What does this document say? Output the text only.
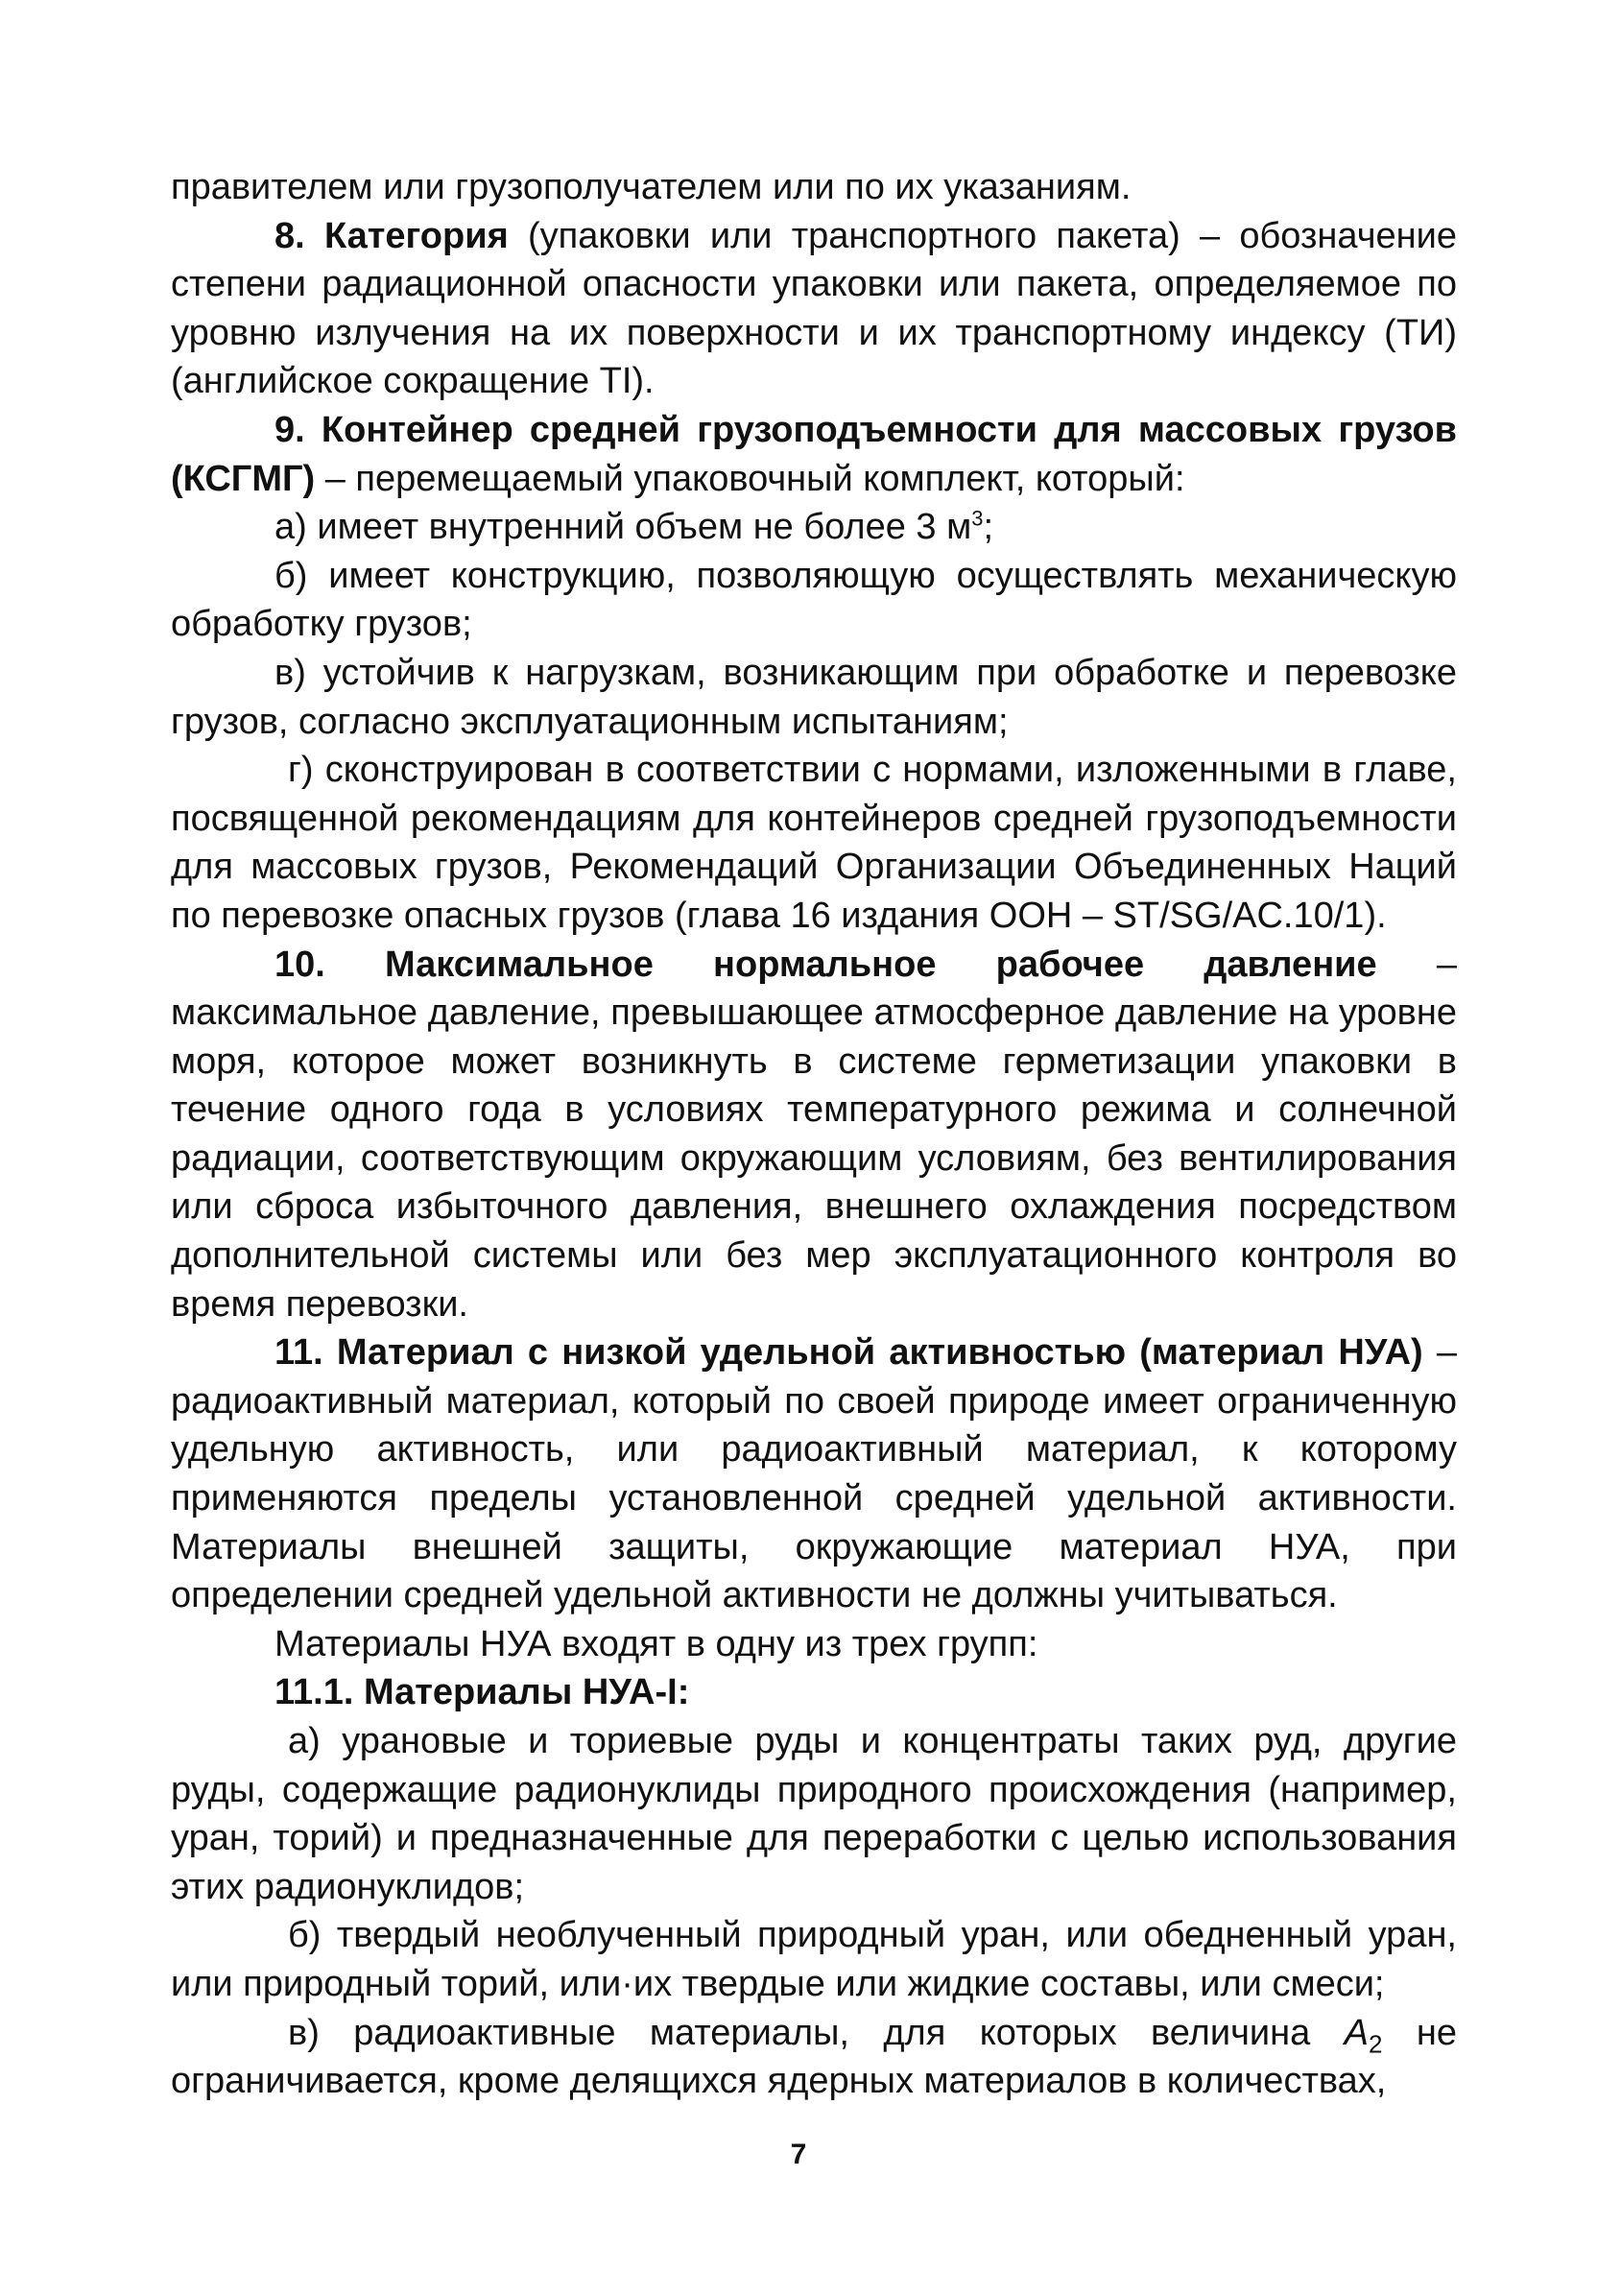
правителем или грузополучателем или по их указаниям.

8. Категория (упаковки или транспортного пакета) – обозначение степени радиационной опасности упаковки или пакета, определяемое по уровню излучения на их поверхности и их транспортному индексу (ТИ) (английское сокращение TI).

9. Контейнер средней грузоподъемности для массовых грузов (КСГМГ) – перемещаемый упаковочный комплект, который:

а) имеет внутренний объем не более 3 $м^3$;

б) имеет конструкцию, позволяющую осуществлять механическую обработку грузов;

в) устойчив к нагрузкам, возникающим при обработке и перевозке грузов, согласно эксплуатационным испытаниям;

г) сконструирован в соответствии с нормами, изложенными в главе, посвященной рекомендациям для контейнеров средней грузоподъемности для массовых грузов, Рекомендаций Организации Объединенных Наций по перевозке опасных грузов (глава 16 издания ООН – ST/SG/AC.10/1).

10. Максимальное нормальное рабочее давление – максимальное давление, превышающее атмосферное давление на уровне моря, которое может возникнуть в системе герметизации упаковки в течение одного года в условиях температурного режима и солнечной радиации, соответствующим окружающим условиям, без вентилирования или сброса избыточного давления, внешнего охлаждения посредством дополнительной системы или без мер эксплуатационного контроля во время перевозки.

11. Материал с низкой удельной активностью (материал НУА) – радиоактивный материал, который по своей природе имеет ограниченную удельную активность, или радиоактивный материал, к которому применяются пределы установленной средней удельной активности. Материалы внешней защиты, окружающие материал НУА, при определении средней удельной активности не должны учитываться.

Материалы НУА входят в одну из трех групп:

11.1. Материалы НУА-I:

а) урановые и ториевые руды и концентраты таких руд, другие руды, содержащие радионуклиды природного происхождения (например, уран, торий) и предназначенные для переработки с целью использования этих радионуклидов;

б) твердый необлученный природный уран, или обедненный уран, или природный торий, или·их твердые или жидкие составы, или смеси;

в) радиоактивные материалы, для которых величина $A_2$ не ограничивается, кроме делящихся ядерных материалов в количествах,

7
